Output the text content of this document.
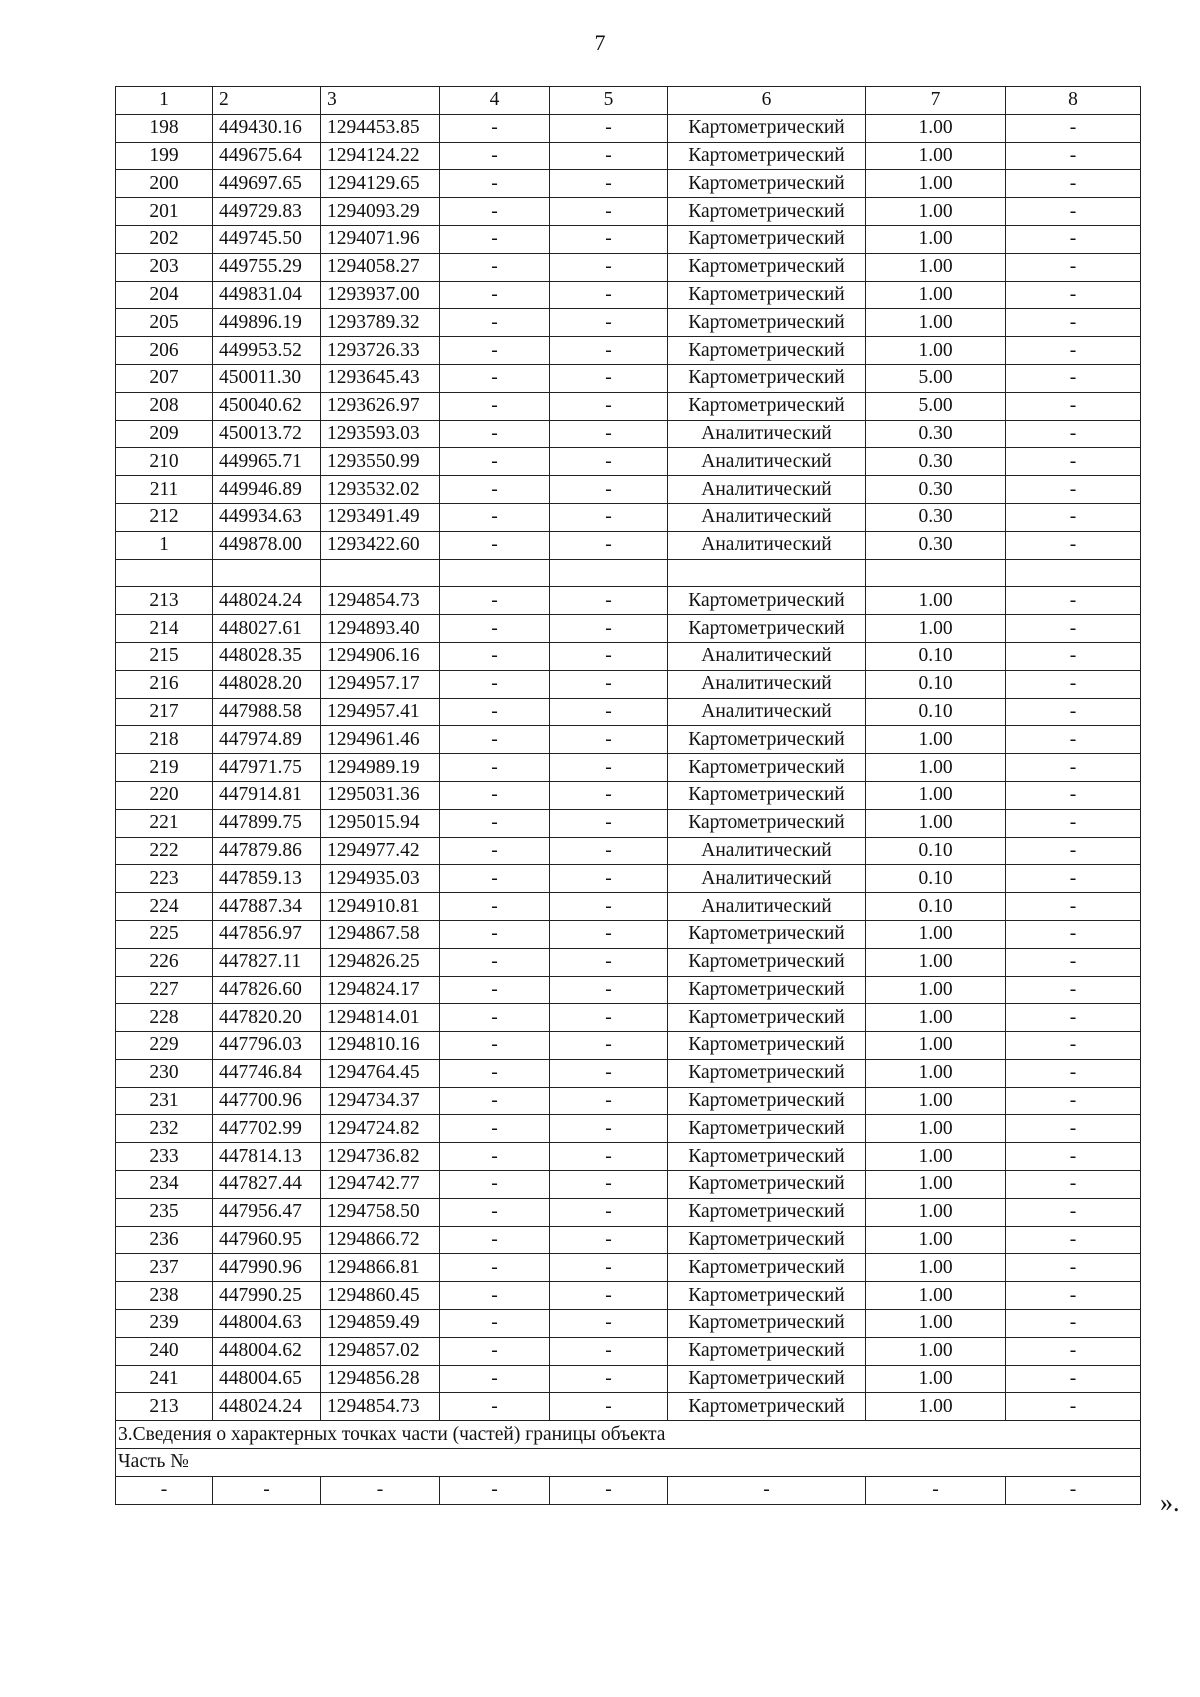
7
1	2	3	4	5	6	7	8
198	449430.16	1294453.85	-	-	Картометрический	1.00	-
199	449675.64	1294124.22	-	-	Картометрический	1.00	-
200	449697.65	1294129.65	-	-	Картометрический	1.00	-
201	449729.83	1294093.29	-	-	Картометрический	1.00	-
202	449745.50	1294071.96	-	-	Картометрический	1.00	-
203	449755.29	1294058.27	-	-	Картометрический	1.00	-
204	449831.04	1293937.00	-	-	Картометрический	1.00	-
205	449896.19	1293789.32	-	-	Картометрический	1.00	-
206	449953.52	1293726.33	-	-	Картометрический	1.00	-
207	450011.30	1293645.43	-	-	Картометрический	5.00	-
208	450040.62	1293626.97	-	-	Картометрический	5.00	-
209	450013.72	1293593.03	-	-	Аналитический	0.30	-
210	449965.71	1293550.99	-	-	Аналитический	0.30	-
211	449946.89	1293532.02	-	-	Аналитический	0.30	-
212	449934.63	1293491.49	-	-	Аналитический	0.30	-
1	449878.00	1293422.60	-	-	Аналитический	0.30	-

213	448024.24	1294854.73	-	-	Картометрический	1.00	-
214	448027.61	1294893.40	-	-	Картометрический	1.00	-
215	448028.35	1294906.16	-	-	Аналитический	0.10	-
216	448028.20	1294957.17	-	-	Аналитический	0.10	-
217	447988.58	1294957.41	-	-	Аналитический	0.10	-
218	447974.89	1294961.46	-	-	Картометрический	1.00	-
219	447971.75	1294989.19	-	-	Картометрический	1.00	-
220	447914.81	1295031.36	-	-	Картометрический	1.00	-
221	447899.75	1295015.94	-	-	Картометрический	1.00	-
222	447879.86	1294977.42	-	-	Аналитический	0.10	-
223	447859.13	1294935.03	-	-	Аналитический	0.10	-
224	447887.34	1294910.81	-	-	Аналитический	0.10	-
225	447856.97	1294867.58	-	-	Картометрический	1.00	-
226	447827.11	1294826.25	-	-	Картометрический	1.00	-
227	447826.60	1294824.17	-	-	Картометрический	1.00	-
228	447820.20	1294814.01	-	-	Картометрический	1.00	-
229	447796.03	1294810.16	-	-	Картометрический	1.00	-
230	447746.84	1294764.45	-	-	Картометрический	1.00	-
231	447700.96	1294734.37	-	-	Картометрический	1.00	-
232	447702.99	1294724.82	-	-	Картометрический	1.00	-
233	447814.13	1294736.82	-	-	Картометрический	1.00	-
234	447827.44	1294742.77	-	-	Картометрический	1.00	-
235	447956.47	1294758.50	-	-	Картометрический	1.00	-
236	447960.95	1294866.72	-	-	Картометрический	1.00	-
237	447990.96	1294866.81	-	-	Картометрический	1.00	-
238	447990.25	1294860.45	-	-	Картометрический	1.00	-
239	448004.63	1294859.49	-	-	Картометрический	1.00	-
240	448004.62	1294857.02	-	-	Картометрический	1.00	-
241	448004.65	1294856.28	-	-	Картометрический	1.00	-
213	448024.24	1294854.73	-	-	Картометрический	1.00	-
3.Сведения о характерных точках части (частей) границы объекта							
Часть №							
-	-	-	-	-	-	-	-	».
